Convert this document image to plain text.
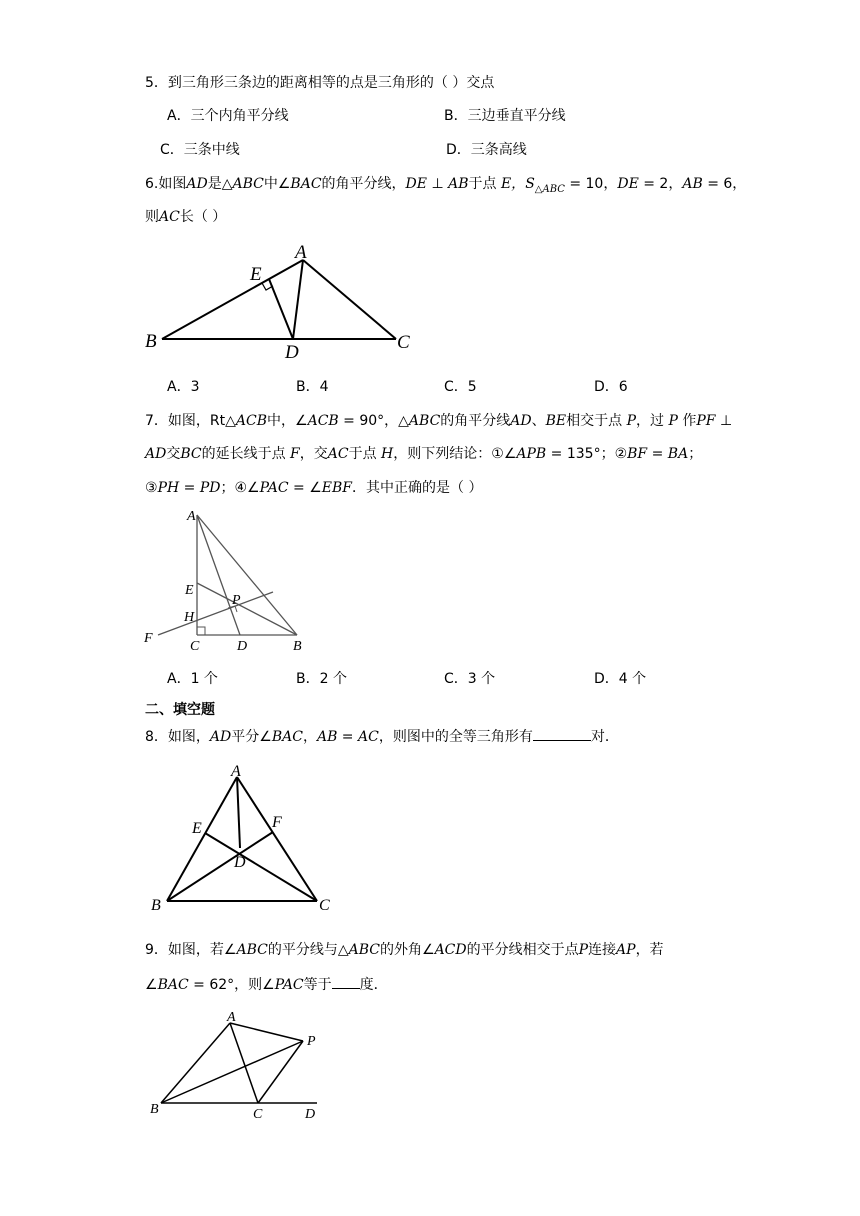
5．到三角形三条边的距离相等的点是三角形的（ ）交点
A．三个内角平分线	B．三边垂直平分线
C．三条中线	D．三条高线
6.如图AD是△ABC中∠BAC的角平分线，DE ⊥ AB于点 E，$S_{\triangle ABC} = 10$，DE = 2，AB = 6，
则AC长（ ）
A
E
B
D	C
A．3	B．4	C．5	D．6
7．如图，Rt△ACB中，∠ACB = 90°，△ABC的角平分线AD、BE相交于点 P，过 P 作PF ⊥
AD交BC的延长线于点 F，交AC于点 H，则下列结论：①∠APB = 135°；②BF = BA；
③PH = PD；④∠PAC = ∠EBF．其中正确的是（ ）
A
E
P
H
F
C	D	B
A．1 个	B．2 个	C．3 个	D．4 个
二、填空题
8．如图，AD平分∠BAC，AB = AC，则图中的全等三角形有	对．
A
E	F
D
B	C
9．如图，若∠ABC的平分线与△ABC的外角∠ACD的平分线相交于点P连接AP，若
∠BAC = 62°，则∠PAC等于 度．
A
P
B	C	D
